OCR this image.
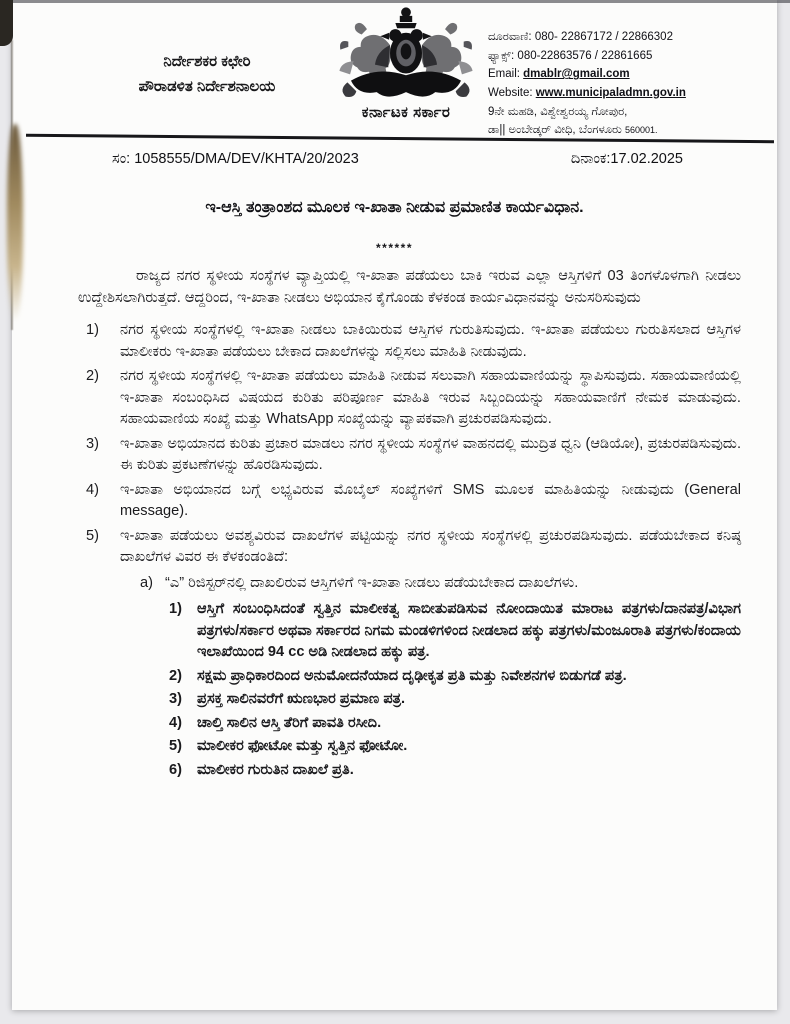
ನಿರ್ದೇಶಕರ ಕಛೇರಿ
ಪೌರಾಡಳಿತ ನಿರ್ದೇಶನಾಲಯ
ಕರ್ನಾಟಕ ಸರ್ಕಾರ
ದೂರವಾಣಿ: 080- 22867172 / 22866302
ಫ್ಯಾಕ್ಸ್: 080-22863576 / 22861665
Email: dmablr@gmail.com
Website: www.municipaladmn.gov.in
9ನೇ ಮಹಡಿ, ವಿಶ್ವೇಶ್ವರಯ್ಯ ಗೋಪುರ,
ಡಾ|| ಅಂಬೇಡ್ಕರ್ ವೀಧಿ, ಬೆಂಗಳೂರು 560001.
ಸಂ: 1058555/DMA/DEV/KHTA/20/2023	ದಿನಾಂಕ:17.02.2025
ಇ-ಆಸ್ತಿ ತಂತ್ರಾಂಶದ ಮೂಲಕ ಇ-ಖಾತಾ ನೀಡುವ ಪ್ರಮಾಣಿತ ಕಾರ್ಯವಿಧಾನ.
******

ರಾಜ್ಯದ ನಗರ ಸ್ಥಳೀಯ ಸಂಸ್ಥೆಗಳ ವ್ಯಾಪ್ತಿಯಲ್ಲಿ ಇ-ಖಾತಾ ಪಡೆಯಲು ಬಾಕಿ ಇರುವ ಎಲ್ಲಾ ಆಸ್ತಿಗಳಿಗೆ 03 ತಿಂಗಳೊಳಗಾಗಿ ನೀಡಲು ಉದ್ದೇಶಿಸಲಾಗಿರುತ್ತದೆ. ಆದ್ದರಿಂದ, ಇ-ಖಾತಾ ನೀಡಲು ಅಭಿಯಾನ ಕೈಗೊಂಡು ಕೆಳಕಂಡ ಕಾರ್ಯವಿಧಾನವನ್ನು ಅನುಸರಿಸುವುದು

1) ನಗರ ಸ್ಥಳೀಯ ಸಂಸ್ಥೆಗಳಲ್ಲಿ ಇ-ಖಾತಾ ನೀಡಲು ಬಾಕಿಯಿರುವ ಆಸ್ತಿಗಳ ಗುರುತಿಸುವುದು. ಇ-ಖಾತಾ ಪಡೆಯಲು ಗುರುತಿಸಲಾದ ಆಸ್ತಿಗಳ ಮಾಲೀಕರು ಇ-ಖಾತಾ ಪಡೆಯಲು ಬೇಕಾದ ದಾಖಲೆಗಳನ್ನು ಸಲ್ಲಿಸಲು ಮಾಹಿತಿ ನೀಡುವುದು.
2) ನಗರ ಸ್ಥಳೀಯ ಸಂಸ್ಥೆಗಳಲ್ಲಿ ಇ-ಖಾತಾ ಪಡೆಯಲು ಮಾಹಿತಿ ನೀಡುವ ಸಲುವಾಗಿ ಸಹಾಯವಾಣಿಯನ್ನು ಸ್ಥಾಪಿಸುವುದು. ಸಹಾಯವಾಣಿಯಲ್ಲಿ ಇ-ಖಾತಾ ಸಂಬಂಧಿಸಿದ ವಿಷಯದ ಕುರಿತು ಪರಿಪೂರ್ಣ ಮಾಹಿತಿ ಇರುವ ಸಿಬ್ಬಂದಿಯನ್ನು ಸಹಾಯವಾಣಿಗೆ ನೇಮಕ ಮಾಡುವುದು. ಸಹಾಯವಾಣಿಯ ಸಂಖ್ಯೆ ಮತ್ತು WhatsApp ಸಂಖ್ಯೆಯನ್ನು ವ್ಯಾಪಕವಾಗಿ ಪ್ರಚುರಪಡಿಸುವುದು.
3) ಇ-ಖಾತಾ ಅಭಿಯಾನದ ಕುರಿತು ಪ್ರಚಾರ ಮಾಡಲು ನಗರ ಸ್ಥಳೀಯ ಸಂಸ್ಥೆಗಳ ವಾಹನದಲ್ಲಿ ಮುದ್ರಿತ ಧ್ವನಿ (ಆಡಿಯೋ), ಪ್ರಚುರಪಡಿಸುವುದು. ಈ ಕುರಿತು ಪ್ರಕಟಣೆಗಳನ್ನು ಹೊರಡಿಸುವುದು.
4) ಇ-ಖಾತಾ ಅಭಿಯಾನದ ಬಗ್ಗೆ ಲಭ್ಯವಿರುವ ಮೊಬೈಲ್ ಸಂಖ್ಯೆಗಳಿಗೆ SMS ಮೂಲಕ ಮಾಹಿತಿಯನ್ನು ನೀಡುವುದು (General message).
5) ಇ-ಖಾತಾ ಪಡೆಯಲು ಅವಶ್ಯವಿರುವ ದಾಖಲೆಗಳ ಪಟ್ಟಿಯನ್ನು ನಗರ ಸ್ಥಳೀಯ ಸಂಸ್ಥೆಗಳಲ್ಲಿ ಪ್ರಚುರಪಡಿಸುವುದು. ಪಡೆಯಬೇಕಾದ ಕನಿಷ್ಠ ದಾಖಲೆಗಳ ವಿವರ ಈ ಕೆಳಕಂಡಂತಿದೆ:
a) “ಎ” ರಿಜಿಸ್ಟರ್‌ನಲ್ಲಿ ದಾಖಲಿರುವ ಆಸ್ತಿಗಳಿಗೆ ಇ-ಖಾತಾ ನೀಡಲು ಪಡೆಯಬೇಕಾದ ದಾಖಲೆಗಳು.
1) ಆಸ್ತಿಗೆ ಸಂಬಂಧಿಸಿದಂತೆ ಸ್ವತ್ತಿನ ಮಾಲೀಕತ್ವ ಸಾಬೀತುಪಡಿಸುವ ನೋಂದಾಯಿತ ಮಾರಾಟ ಪತ್ರಗಳು/ದಾನಪತ್ರ/ವಿಭಾಗ ಪತ್ರಗಳು/ಸರ್ಕಾರ ಅಥವಾ ಸರ್ಕಾರದ ನಿಗಮ ಮಂಡಳಿಗಳಿಂದ ನೀಡಲಾದ ಹಕ್ಕು ಪತ್ರಗಳು/ಮಂಜೂರಾತಿ ಪತ್ರಗಳು/ಕಂದಾಯ ಇಲಾಖೆಯಿಂದ 94 cc ಅಡಿ ನೀಡಲಾದ ಹಕ್ಕು ಪತ್ರ.
2) ಸಕ್ಷಮ ಪ್ರಾಧಿಕಾರದಿಂದ ಅನುಮೋದನೆಯಾದ ದೃಢೀಕೃತ ಪ್ರತಿ ಮತ್ತು ನಿವೇಶನಗಳ ಬಿಡುಗಡೆ ಪತ್ರ.
3) ಪ್ರಸಕ್ತ ಸಾಲಿನವರೆಗೆ ಋಣಭಾರ ಪ್ರಮಾಣ ಪತ್ರ.
4) ಚಾಲ್ತಿ ಸಾಲಿನ ಆಸ್ತಿ ತೆರಿಗೆ ಪಾವತಿ ರಸೀದಿ.
5) ಮಾಲೀಕರ ಫೋಟೋ ಮತ್ತು ಸ್ವತ್ತಿನ ಫೋಟೋ.
6) ಮಾಲೀಕರ ಗುರುತಿನ ದಾಖಲೆ ಪ್ರತಿ.
